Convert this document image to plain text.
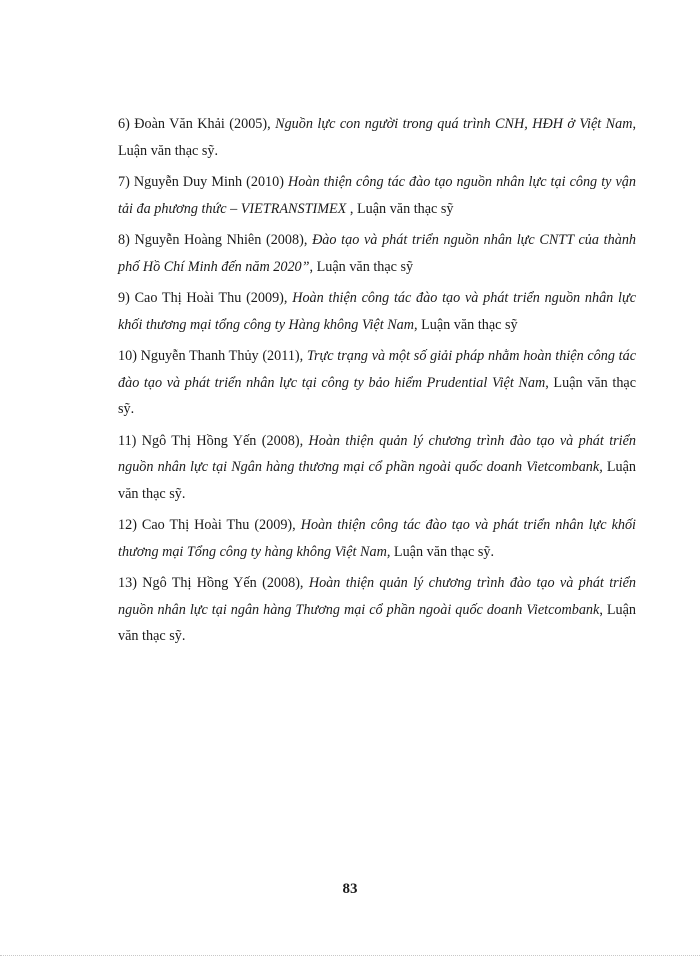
6) Đoàn Văn Khải (2005), Nguồn lực con người trong quá trình CNH, HĐH ở Việt Nam, Luận văn thạc sỹ.

7) Nguyễn Duy Minh (2010) Hoàn thiện công tác đào tạo nguồn nhân lực tại công ty vận tải đa phương thức – VIETRANSTIMEX , Luận văn thạc sỹ

8) Nguyễn Hoàng Nhiên (2008), Đào tạo và phát triển nguồn nhân lực CNTT của thành phố Hồ Chí Minh đến năm 2020”, Luận văn thạc sỹ

9) Cao Thị Hoài Thu (2009), Hoàn thiện công tác đào tạo và phát triển nguồn nhân lực khối thương mại tổng công ty Hàng không Việt Nam, Luận văn thạc sỹ

10) Nguyễn Thanh Thủy (2011), Trực trạng và một số giải pháp nhằm hoàn thiện công tác đào tạo và phát triển nhân lực tại công ty bảo hiểm Prudential Việt Nam, Luận văn thạc sỹ.

11) Ngô Thị Hồng Yến (2008), Hoàn thiện quản lý chương trình đào tạo và phát triển nguồn nhân lực tại Ngân hàng thương mại cổ phần ngoài quốc doanh Vietcombank, Luận văn thạc sỹ.

12) Cao Thị Hoài Thu (2009), Hoàn thiện công tác đào tạo và phát triển nhân lực khối thương mại Tổng công ty hàng không Việt Nam, Luận văn thạc sỹ.

13) Ngô Thị Hồng Yến (2008), Hoàn thiện quản lý chương trình đào tạo và phát triển nguồn nhân lực tại ngân hàng Thương mại cổ phần ngoài quốc doanh Vietcombank, Luận văn thạc sỹ.

83
